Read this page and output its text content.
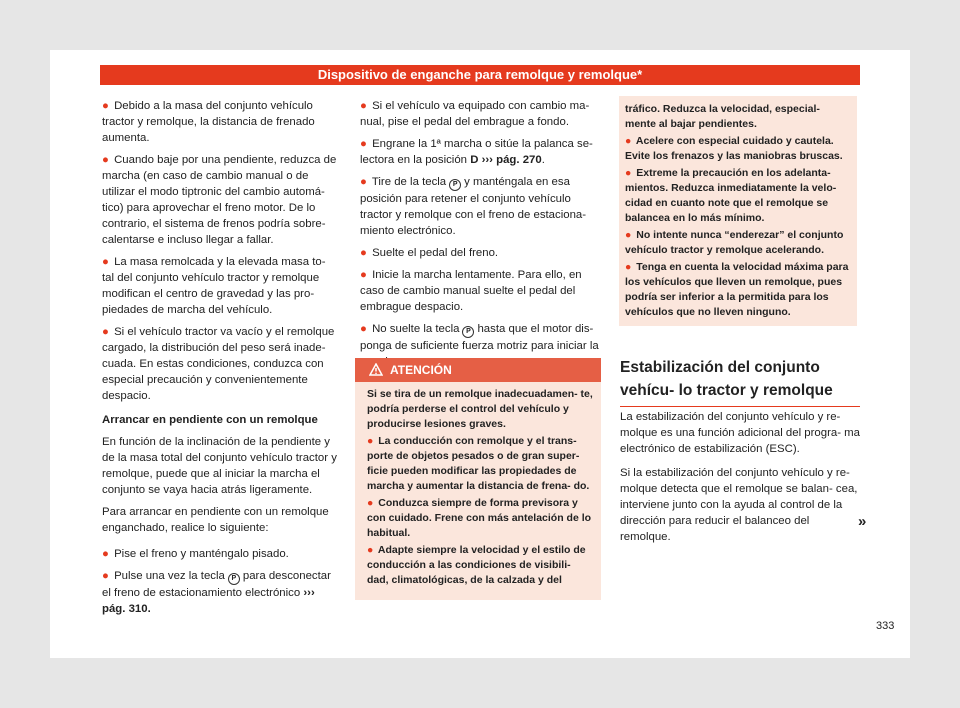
Dispositivo de enganche para remolque y remolque*

● Debido a la masa del conjunto vehículo tractor y remolque, la distancia de frenado aumenta.

● Cuando baje por una pendiente, reduzca de marcha (en caso de cambio manual o de utilizar el modo tiptronic del cambio automá- tico) para aprovechar el freno motor. De lo contrario, el sistema de frenos podría sobre- calentarse e incluso llegar a fallar.

● La masa remolcada y la elevada masa to- tal del conjunto vehículo tractor y remolque modifican el centro de gravedad y las pro- piedades de marcha del vehículo.

● Si el vehículo tractor va vacío y el remolque cargado, la distribución del peso será inade- cuada. En estas condiciones, conduzca con especial precaución y convenientemente despacio.

Arrancar en pendiente con un remolque

En función de la inclinación de la pendiente y de la masa total del conjunto vehículo tractor y remolque, puede que al iniciar la marcha el conjunto se vaya hacia atrás ligeramente.

Para arrancar en pendiente con un remolque enganchado, realice lo siguiente:

● Pise el freno y manténgalo pisado.

● Pulse una vez la tecla P para desconectar el freno de estacionamiento electrónico ››› pág. 310.

● Si el vehículo va equipado con cambio ma- nual, pise el pedal del embrague a fondo.

● Engrane la 1ª marcha o sitúe la palanca se- lectora en la posición D ››› pág. 270.

● Tire de la tecla P y manténgala en esa posición para retener el conjunto vehículo tractor y remolque con el freno de estaciona- miento electrónico.

● Suelte el pedal del freno.

● Inicie la marcha lentamente. Para ello, en caso de cambio manual suelte el pedal del embrague despacio.

● No suelte la tecla P hasta que el motor dis- ponga de suficiente fuerza motriz para iniciar la

ATENCIÓN

Si se tira de un remolque inadecuadamen- te, podría perderse el control del vehículo y producirse lesiones graves.

● La conducción con remolque y el trans- porte de objetos pesados o de gran super- ficie pueden modificar las propiedades de marcha y aumentar la distancia de frena- do.

● Conduzca siempre de forma previsora y con cuidado. Frene con más antelación de lo habitual.

● Adapte siempre la velocidad y el estilo de conducción a las condiciones de visibili- dad, climatológicas, de la calzada y del

tráfico. Reduzca la velocidad, especial- mente al bajar pendientes.

● Acelere con especial cuidado y cautela. Evite los frenazos y las maniobras bruscas.

● Extreme la precaución en los adelanta- mientos. Reduzca inmediatamente la velo- cidad en cuanto note que el remolque se balancea en lo más mínimo.

● No intente nunca “enderezar” el conjunto vehículo tractor y remolque acelerando.

● Tenga en cuenta la velocidad máxima para los vehículos que lleven un remolque, pues podría ser inferior a la permitida para los vehículos que no lleven ninguno.

Estabilización del conjunto vehícu- lo tractor y remolque

La estabilización del conjunto vehículo y re- molque es una función adicional del progra- ma electrónico de estabilización (ESC).

Si la estabilización del conjunto vehículo y re- molque detecta que el remolque se balan- cea, interviene junto con la ayuda al control de la dirección para reducir el balanceo del remolque.

»
333
